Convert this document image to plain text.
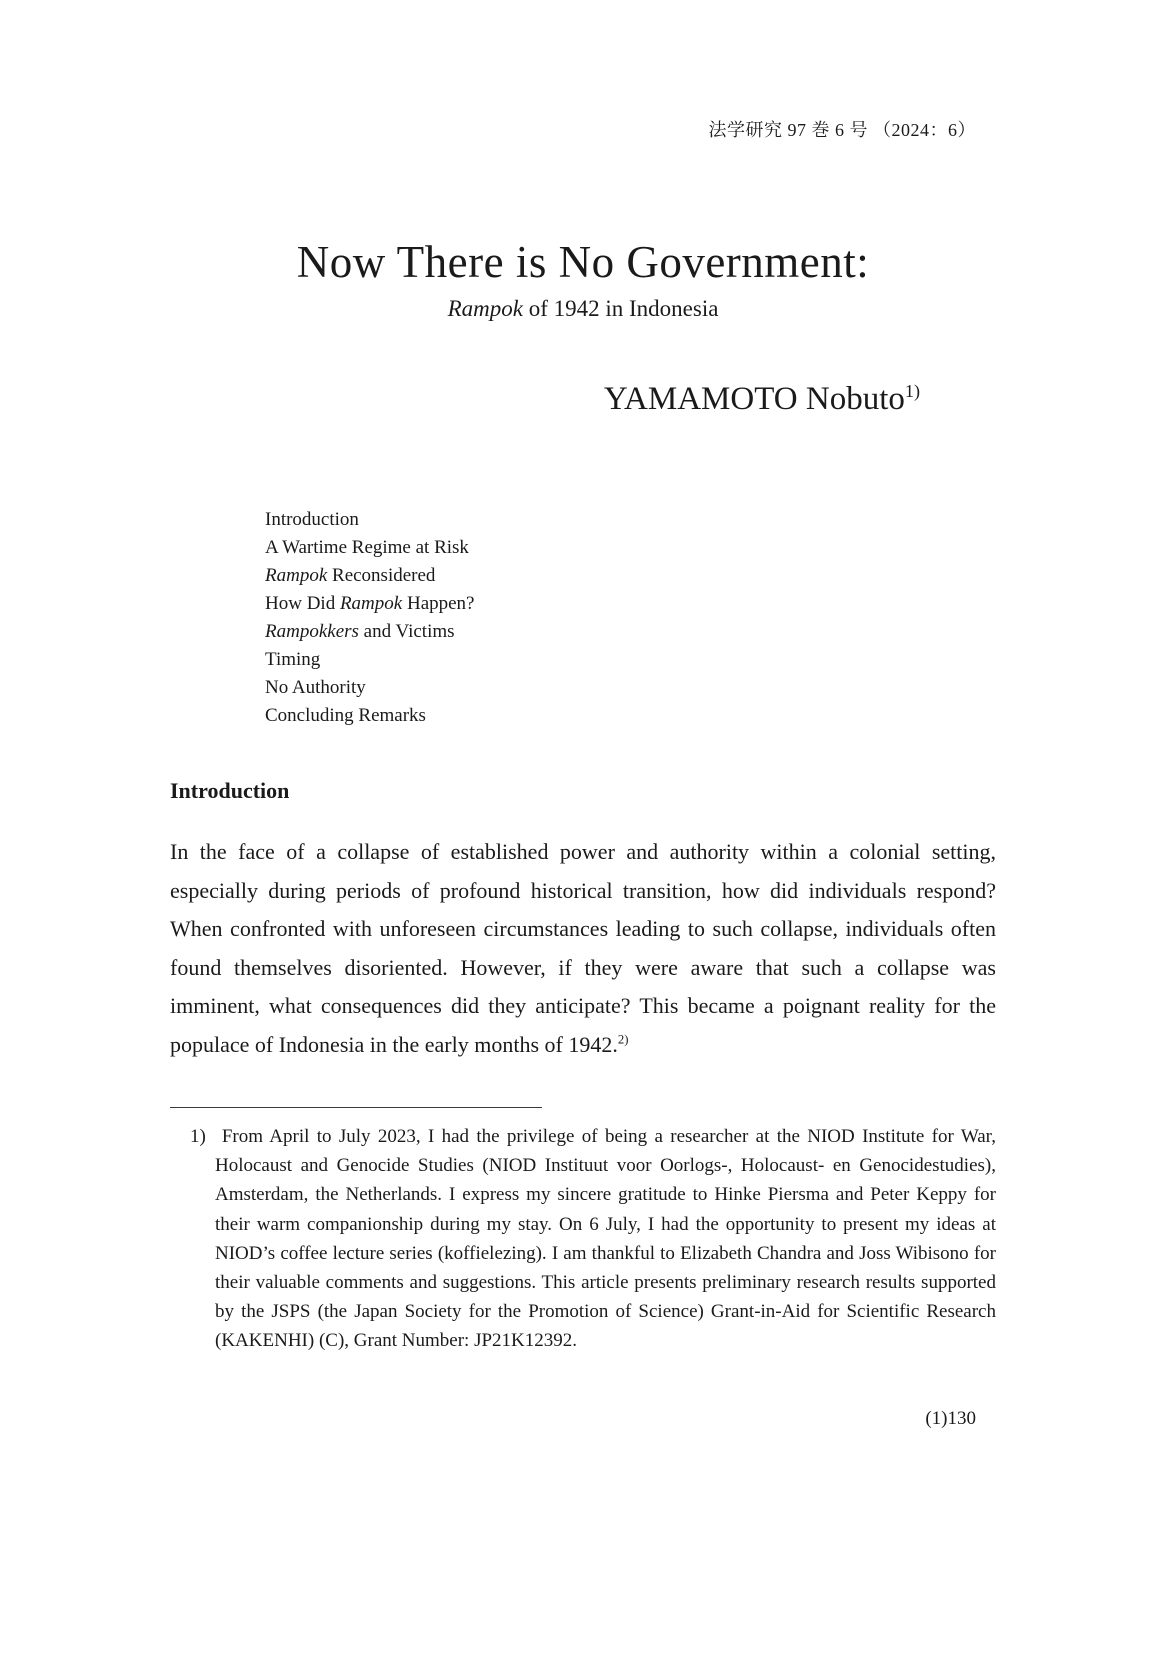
法学研究 97 巻 6 号 （2024：6）
Now There is No Government:
Rampok of 1942 in Indonesia
YAMAMOTO Nobuto$^{1)}$
Introduction
A Wartime Regime at Risk
Rampok Reconsidered
How Did Rampok Happen?
Rampokkers and Victims
Timing
No Authority
Concluding Remarks
Introduction

In the face of a collapse of established power and authority within a colonial setting, especially during periods of profound historical transition, how did individuals respond? When confronted with unforeseen circumstances leading to such collapse, individuals often found themselves disoriented. However, if they were aware that such a collapse was imminent, what consequences did they anticipate? This became a poignant reality for the populace of Indonesia in the early months of 1942.$^{2)}$

1) From April to July 2023, I had the privilege of being a researcher at the NIOD Institute for War, Holocaust and Genocide Studies (NIOD Instituut voor Oorlogs-, Holocaust- en Genocidestudies), Amsterdam, the Netherlands. I express my sincere gratitude to Hinke Piersma and Peter Keppy for their warm companionship during my stay. On 6 July, I had the opportunity to present my ideas at NIOD’s coffee lecture series (koffielezing). I am thankful to Elizabeth Chandra and Joss Wibisono for their valuable comments and suggestions. This article presents preliminary research results supported by the JSPS (the Japan Society for the Promotion of Science) Grant-in-Aid for Scientific Research (KAKENHI) (C), Grant Number: JP21K12392.
(1)130
